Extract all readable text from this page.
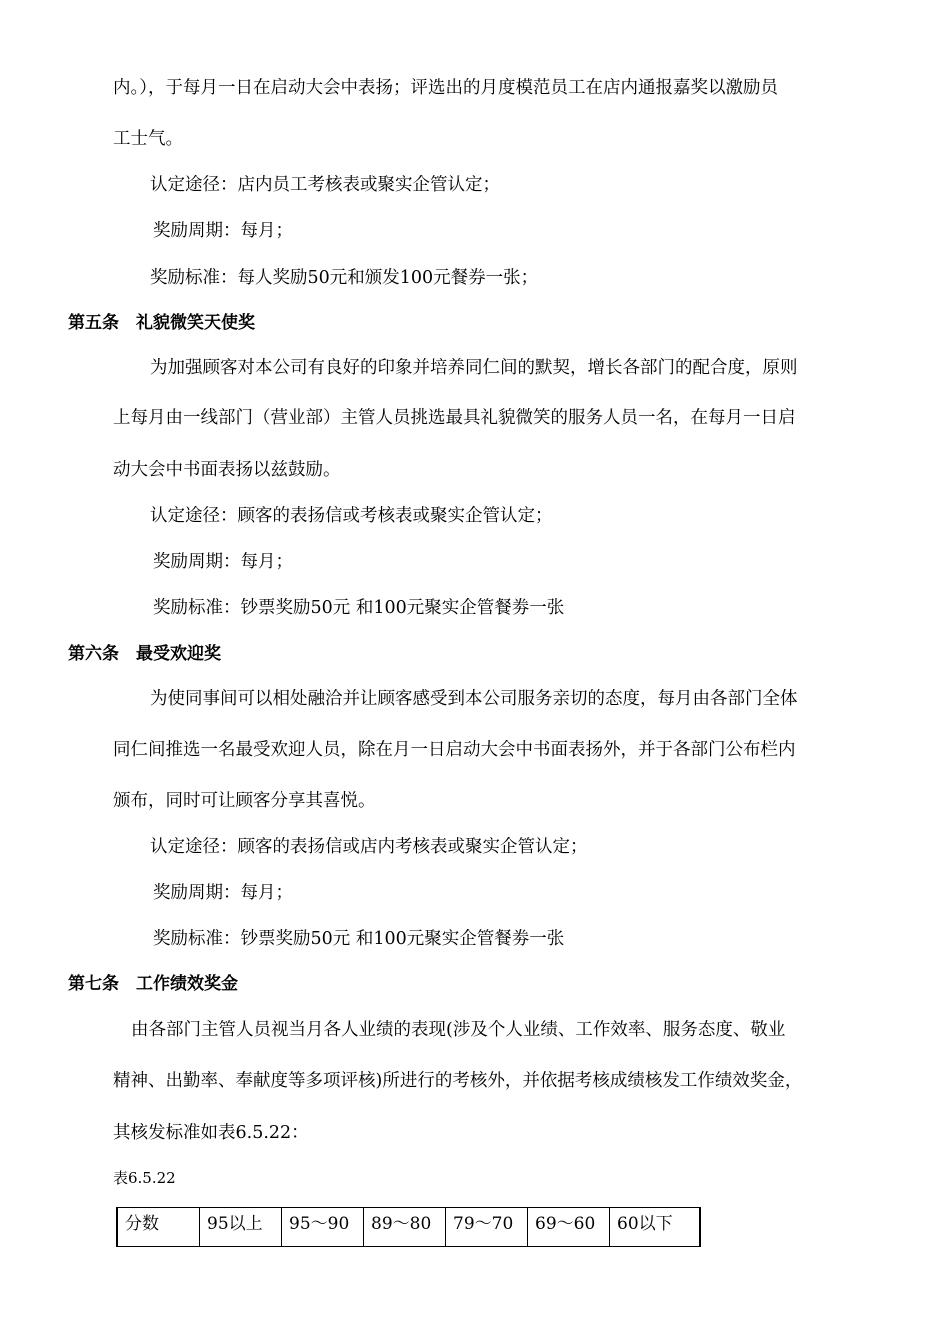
内。），于每月一日在启动大会中表扬；评选出的月度模范员工在店内通报嘉奖以激励员
工士气。
认定途径：店内员工考核表或聚实企管认定；
奖励周期：每月；
奖励标准：每人奖励50元和颁发100元餐券一张；
第五条　礼貌微笑天使奖
为加强顾客对本公司有良好的印象并培养同仁间的默契，增长各部门的配合度，原则
上每月由一线部门（营业部）主管人员挑选最具礼貌微笑的服务人员一名，在每月一日启
动大会中书面表扬以兹鼓励。
认定途径：顾客的表扬信或考核表或聚实企管认定；
奖励周期：每月；
奖励标准：钞票奖励50元 和100元聚实企管餐劵一张
第六条　最受欢迎奖
为使同事间可以相处融洽并让顾客感受到本公司服务亲切的态度，每月由各部门全体
同仁间推选一名最受欢迎人员，除在月一日启动大会中书面表扬外，并于各部门公布栏内
颁布，同时可让顾客分享其喜悦。
认定途径：顾客的表扬信或店内考核表或聚实企管认定；
奖励周期：每月；
奖励标准：钞票奖励50元 和100元聚实企管餐劵一张
第七条　工作绩效奖金
由各部门主管人员视当月各人业绩的表现(涉及个人业绩、工作效率、服务态度、敬业
精神、出勤率、奉献度等多项评核)所进行的考核外，并依据考核成绩核发工作绩效奖金，
其核发标准如表6.5.22：
表6.5.22
分数	95以上	95～90	89～80	79～70	69～60	60以下
